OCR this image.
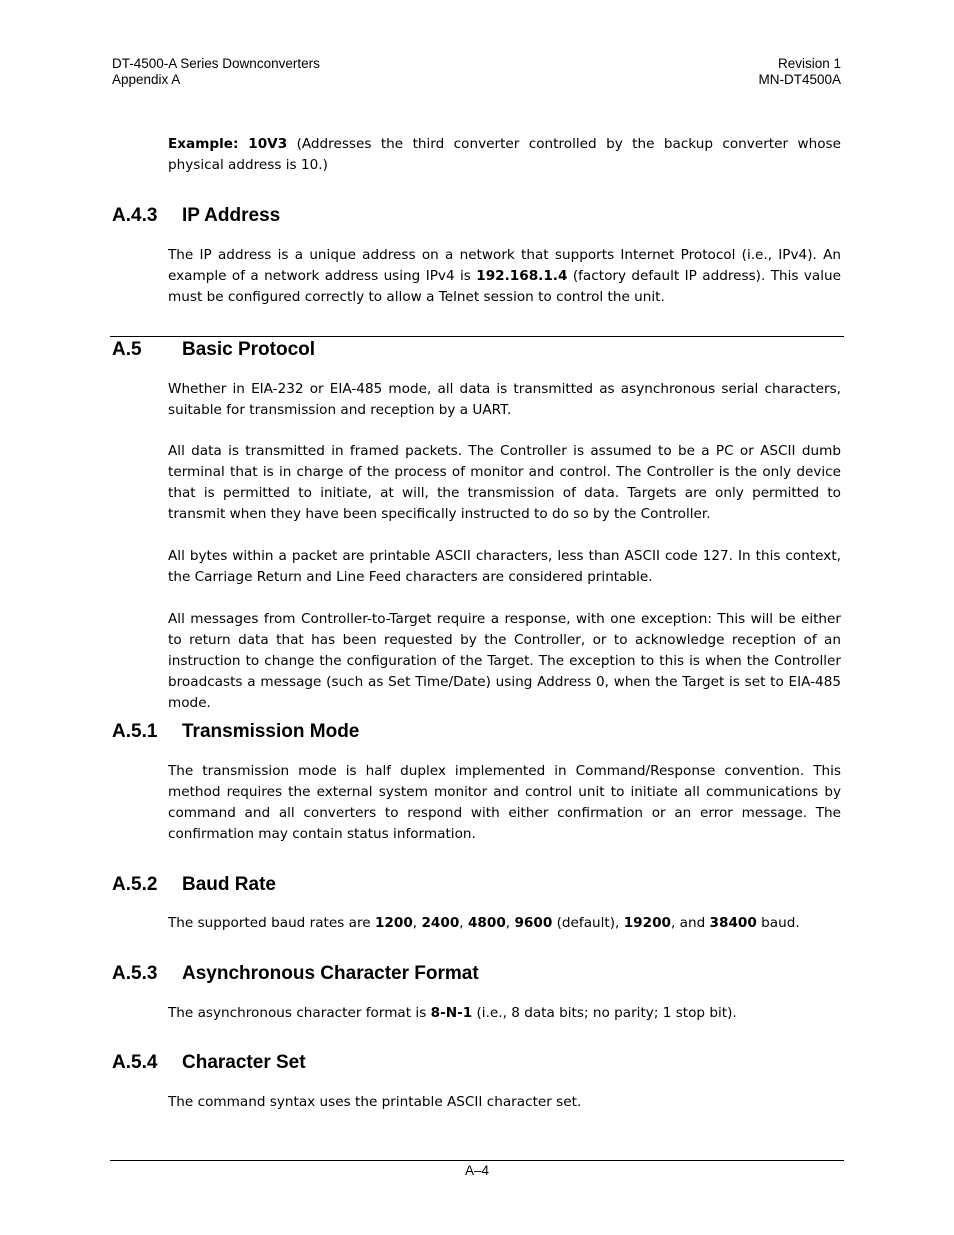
DT-4500-A Series Downconverters
Appendix A
Revision 1
MN-DT4500A

Example: 10V3 (Addresses the third converter controlled by the backup converter whose physical address is 10.)

A.4.3 IP Address

The IP address is a unique address on a network that supports Internet Protocol (i.e., IPv4). An example of a network address using IPv4 is 192.168.1.4 (factory default IP address). This value must be configured correctly to allow a Telnet session to control the unit.

A.5 Basic Protocol

Whether in EIA-232 or EIA-485 mode, all data is transmitted as asynchronous serial characters, suitable for transmission and reception by a UART.

All data is transmitted in framed packets. The Controller is assumed to be a PC or ASCII dumb terminal that is in charge of the process of monitor and control. The Controller is the only device that is permitted to initiate, at will, the transmission of data. Targets are only permitted to transmit when they have been specifically instructed to do so by the Controller.

All bytes within a packet are printable ASCII characters, less than ASCII code 127. In this context, the Carriage Return and Line Feed characters are considered printable.

All messages from Controller-to-Target require a response, with one exception: This will be either to return data that has been requested by the Controller, or to acknowledge reception of an instruction to change the configuration of the Target. The exception to this is when the Controller broadcasts a message (such as Set Time/Date) using Address 0, when the Target is set to EIA-485 mode.

A.5.1 Transmission Mode

The transmission mode is half duplex implemented in Command/Response convention. This method requires the external system monitor and control unit to initiate all communications by command and all converters to respond with either confirmation or an error message. The confirmation may contain status information.

A.5.2 Baud Rate

The supported baud rates are 1200, 2400, 4800, 9600 (default), 19200, and 38400 baud.

A.5.3 Asynchronous Character Format

The asynchronous character format is 8-N-1 (i.e., 8 data bits; no parity; 1 stop bit).

A.5.4 Character Set

The command syntax uses the printable ASCII character set.

A–4
